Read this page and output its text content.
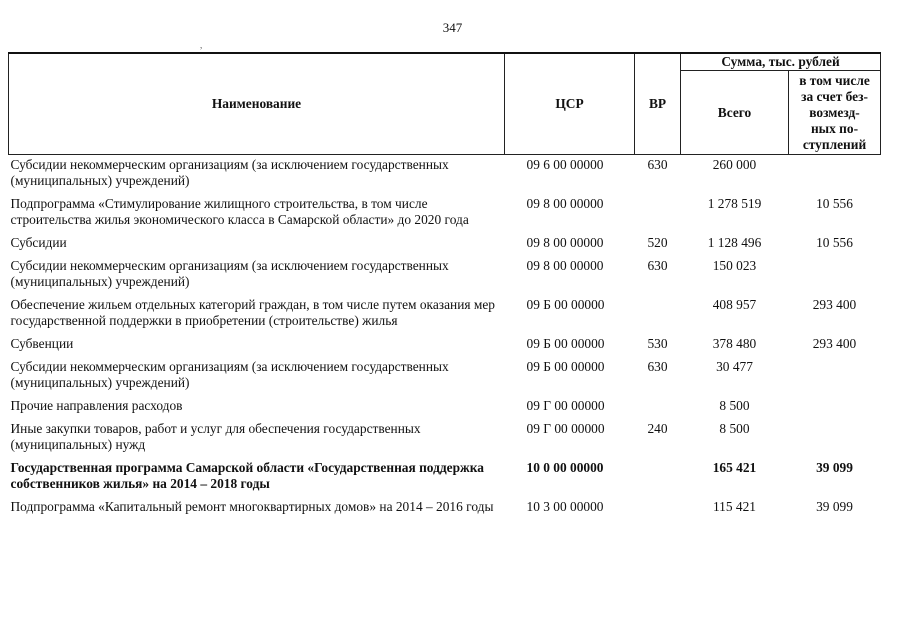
347
,
Наименование	ЦСР	ВР	Сумма, тыс. рублей	
			Всего	в том числе
за счет без-
возмезд-
ных по-
ступлений
Субсидии некоммерческим организациям (за исключением государственных (муниципальных) учреждений)	09 6 00 00000	630	260 000	
Подпрограмма «Стимулирование жилищного строительства, в том числе строительства жилья экономического класса в Самарской области» до 2020 года	09 8 00 00000		1 278 519	10 556
Субсидии	09 8 00 00000	520	1 128 496	10 556
Субсидии некоммерческим организациям (за исключением государственных (муниципальных) учреждений)	09 8 00 00000	630	150 023	
Обеспечение жильем отдельных категорий граждан, в том числе путем оказания мер государственной поддержки в приобретении (строительстве) жилья	09 Б 00 00000		408 957	293 400
Субвенции	09 Б 00 00000	530	378 480	293 400
Субсидии некоммерческим организациям (за исключением государственных (муниципальных) учреждений)	09 Б 00 00000	630	30 477	
Прочие направления расходов	09 Г 00 00000		8 500	
Иные закупки товаров, работ и услуг для обеспечения государственных (муниципальных) нужд	09 Г 00 00000	240	8 500	
Государственная программа Самарской области «Государственная поддержка собственников жилья» на 2014 – 2018 годы	10 0 00 00000		165 421	39 099
Подпрограмма «Капитальный ремонт многоквартирных домов» на 2014 – 2016 годы	10 3 00 00000		115 421	39 099
